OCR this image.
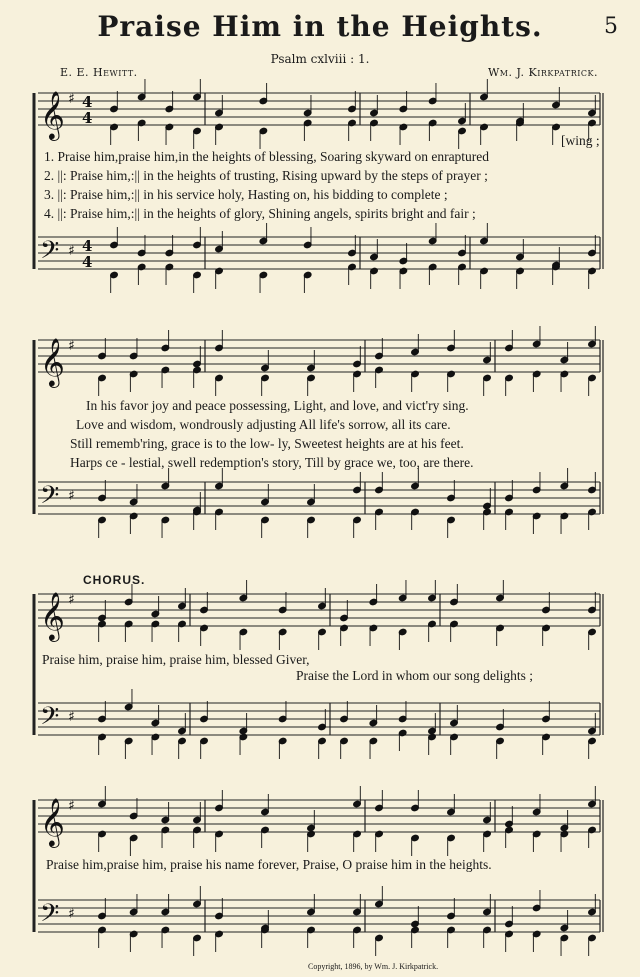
Praise Him in the Heights.	5
Psalm cxlviii : 1.
E. E. Hewitt.	Wm. J. Kirkpatrick.
𝄞 ♯
𝄢 ♯
4
4
4
4
𝄞 ♯
𝄢 ♯
𝄞 ♯
𝄢 ♯
𝄞 ♯
𝄢 ♯
[wing ;
1. Praise him,praise him,in the heights of blessing, Soaring skyward on enraptured
2. ||: Praise him,:|| in the heights of trusting, Rising upward by the steps of prayer ;
3. ||: Praise him,:|| in his service holy, Hasting on, his bidding to complete ;
4. ||: Praise him,:|| in the heights of glory, Shining angels, spirits bright and fair ;
In his favor joy and peace possessing, Light, and love, and vict'ry sing.
Love and wisdom, wondrously adjusting All life's sorrow, all its care.
Still rememb'ring, grace is to the low- ly, Sweetest heights are at his feet.
Harps ce - lestial, swell redemption's story, Till by grace we, too, are there.
CHORUS.
Praise him, praise him, praise him, blessed Giver,
Praise the Lord in whom our song delights ;
Praise him,praise him, praise his name forever, Praise, O praise him in the heights.
Copyright, 1896, by Wm. J. Kirkpatrick.
